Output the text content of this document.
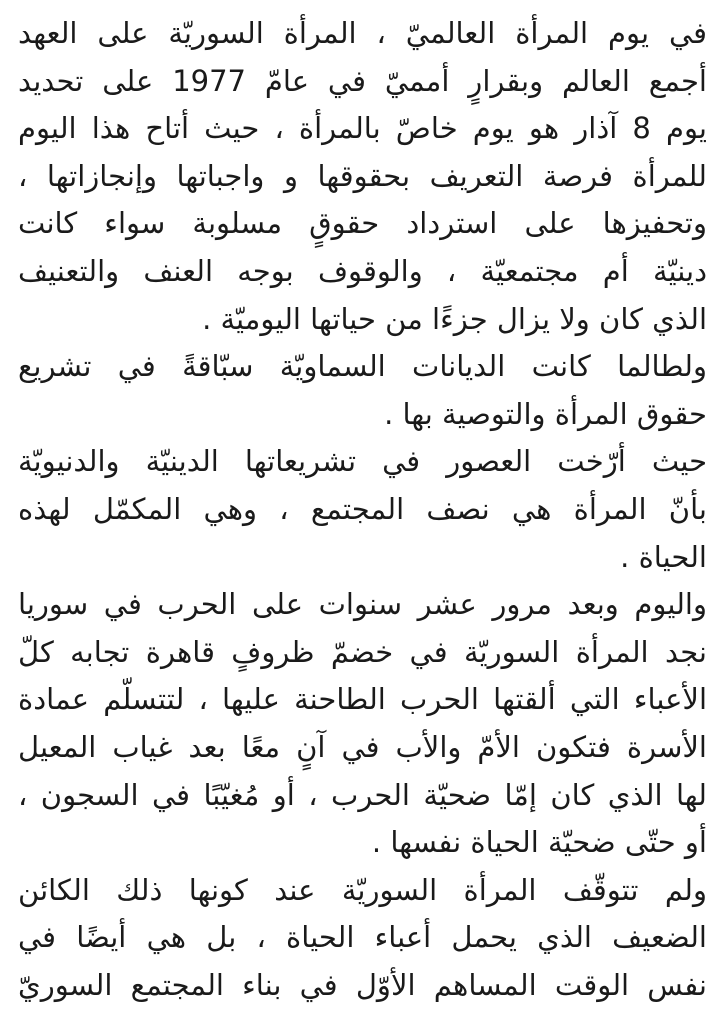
في يوم المرأة العالميّ ، المرأة السوريّة على العهد
أجمع العالم وبقرارٍ أمميّ في عامّ 1977 على تحديد
يوم 8 آذار هو يوم خاصّ بالمرأة ، حيث أتاح هذا اليوم
للمرأة فرصة التعريف بحقوقها و واجباتها وإنجازاتها ،
وتحفيزها على استرداد حقوقٍ مسلوبة سواء كانت
دينيّة أم مجتمعيّة ، والوقوف بوجه العنف والتعنيف
الذي كان ولا يزال جزءًا من حياتها اليوميّة .
ولطالما كانت الديانات السماويّة سبّاقةً في تشريع
حقوق المرأة والتوصية بها .
حيث أرّخت العصور في تشريعاتها الدينيّة والدنيويّة
بأنّ المرأة هي نصف المجتمع ، وهي المكمّل لهذه
الحياة .
واليوم وبعد مرور عشر سنوات على الحرب في سوريا
نجد المرأة السوريّة في خضمّ ظروفٍ قاهرة تجابه كلّ
الأعباء التي ألقتها الحرب الطاحنة عليها ، لتتسلّم عمادة
الأسرة فتكون الأمّ والأب في آنٍ معًا بعد غياب المعيل
لها الذي كان إمّا ضحيّة الحرب ، أو مُغيّبًا في السجون ،
أو حتّى ضحيّة الحياة نفسها .
ولم تتوقّف المرأة السوريّة عند كونها ذلك الكائن
الضعيف الذي يحمل أعباء الحياة ، بل هي أيضًا في
نفس الوقت المساهم الأوّل في بناء المجتمع السوريّ
